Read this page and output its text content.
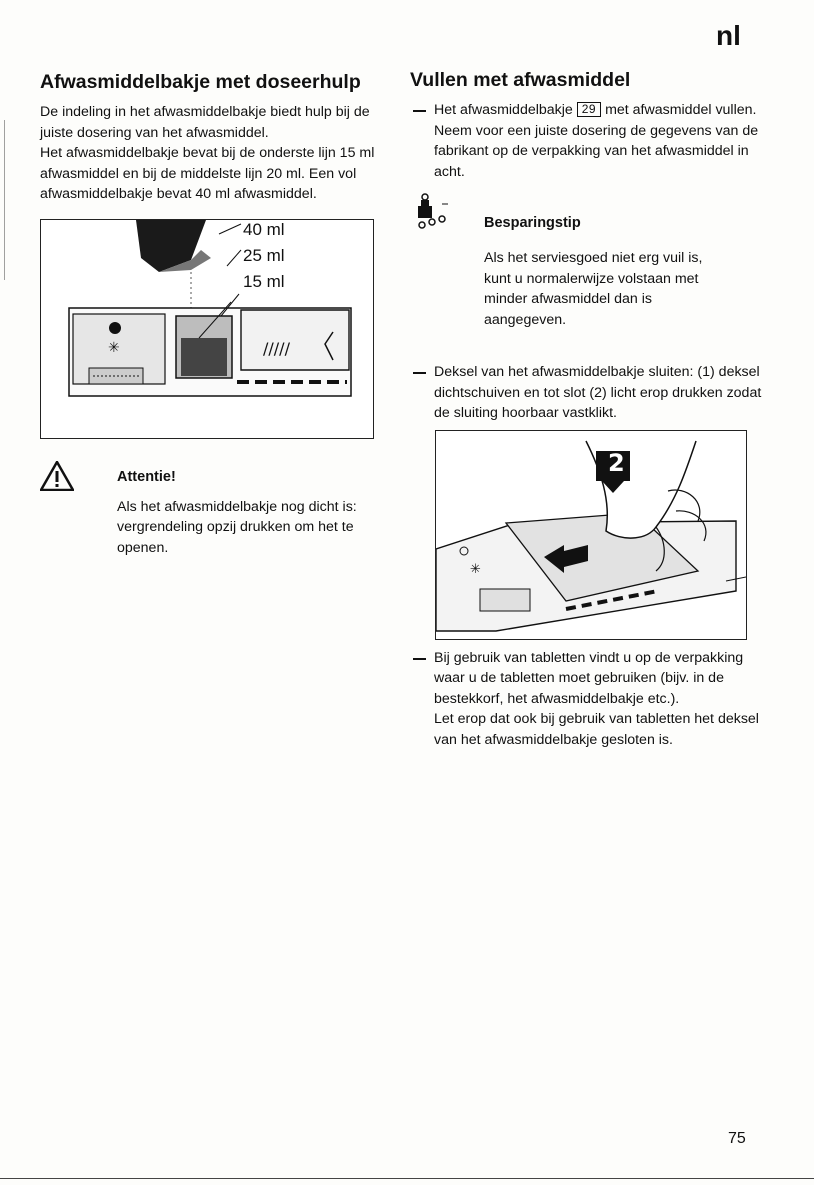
nl
Afwasmiddelbakje met doseerhulp

De indeling in het afwasmiddelbakje biedt hulp bij de juiste dosering van het afwasmiddel.

Het afwasmiddelbakje bevat bij de onderste lijn 15 ml afwasmiddel en bij de middelste lijn 20 ml. Een vol afwasmiddelbakje bevat 40 ml afwasmiddel.

✳	/////
40 ml
25 ml
15 ml
Attentie!

Als het afwasmiddelbakje nog dicht is: vergrendeling opzij drukken om het te openen.

Vullen met afwasmiddel

Het afwasmiddelbakje 29 met afwasmiddel vullen.

Neem voor een juiste dosering de gegevens van de fabrikant op de verpakking van het afwasmiddel in acht.

Besparingstip

Als het serviesgoed niet erg vuil is, kunt u normalerwijze volstaan met minder afwasmiddel dan is aangegeven.

Deksel van het afwasmiddelbakje sluiten: (1) deksel dichtschuiven en tot slot (2) licht erop drukken zodat de sluiting hoorbaar vastklikt.

✳
2

Bij gebruik van tabletten vindt u op de verpakking waar u de tabletten moet gebruiken (bijv. in de bestekkorf, het afwasmiddelbakje etc.).

Let erop dat ook bij gebruik van tabletten het deksel van het afwasmiddelbakje gesloten is.

75
